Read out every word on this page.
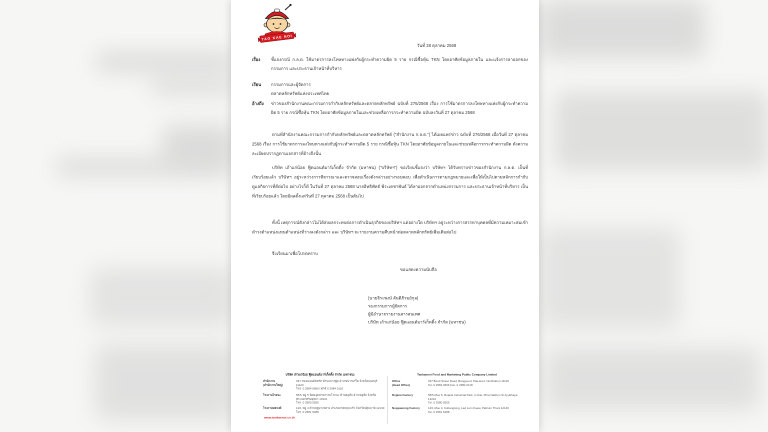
TAO KAE NOI
วันที่ 28 ตุลาคม 2568
เรื่อง	ชี้แจงกรณี ก.ล.ต. ใช้มาตรการลงโทษทางแพ่งกับผู้กระทำความผิด 5 ราย กรณีซื้อหุ้น TKN โดยอาศัยข้อมูลภายใน และแจ้งการลาออกของกรรมการ และประธานเจ้าหน้าที่บริหาร
เรียน	กรรมการและผู้จัดการ
ตลาดหลักทรัพย์แห่งประเทศไทย
อ้างถึง ข่าวของสำนักงานคณะกรรมการกำกับหลักทรัพย์และตลาดหลักทรัพย์ ฉบับที่ 276/2568 เรื่อง การใช้มาตรการลงโทษทางแพ่งกับผู้กระทำความผิด 5 ราย กรณีซื้อหุ้น TKN โดยอาศัยข้อมูลภายในและช่วยเหลือการกระทำความผิด ฉบับลงวันที่ 27 ตุลาคม 2568
ตามที่สำนักงานคณะกรรมการกำกับหลักทรัพย์และตลาดหลักทรัพย์ ("สำนักงาน ก.ล.ต.") ได้เผยแพร่ข่าว ฉบับที่ 276/2568 เมื่อวันที่ 27 ตุลาคม 2568 เรื่อง การใช้มาตรการลงโทษทางแพ่งกับผู้กระทำความผิด 5 ราย กรณีซื้อหุ้น TKN โดยอาศัยข้อมูลภายในและช่วยเหลือการกระทำความผิด ดังความละเอียดปรากฏตามเอกสารที่อ้างถึงนั้น
บริษัท เถ้าแก่น้อย ฟู๊ดแอนด์มาร์เก็ตติ้ง จำกัด (มหาชน) ("บริษัทฯ") ขอเรียนชี้แจงว่า บริษัทฯ ได้รับทราบข่าวของสำนักงาน ก.ล.ต. เป็นที่เรียบร้อยแล้ว บริษัทฯ อยู่ระหว่างการพิจารณาและตรวจสอบเรื่องดังกล่าวอย่างรอบคอบ เพื่อดำเนินการตามกฎหมายและเพื่อให้เป็นไปตามหลักการกำกับดูแลกิจการที่ดีต่อไป อย่างไรก็ดี ในวันที่ 27 ตุลาคม 2568 นายอิทธิพัทธ์ พีระเดชาพันธ์ ได้ลาออกจากตำแหน่งกรรมการ และประธานเจ้าหน้าที่บริหาร เป็นที่เรียบร้อยแล้ว โดยมีผลตั้งแต่วันที่ 27 ตุลาคม 2568 เป็นต้นไป
ทั้งนี้ เหตุการณ์ดังกล่าวไม่ได้ส่งผลกระทบต่อการดำเนินธุรกิจของบริษัทฯ แต่อย่างใด บริษัทฯ อยู่ระหว่างการสรรหาบุคคลที่มีความเหมาะสมเข้าดำรงตำแหน่งแทนตำแหน่งที่ว่างลงดังกล่าว และ บริษัทฯ จะรายงานความคืบหน้าต่อตลาดหลักทรัพย์เพิ่มเติมต่อไป
จึงเรียนมาเพื่อโปรดทราบ
ขอแสดงความนับถือ
(นายจิระพงษ์ สันติภิรมย์กุล)
รองกรรมการผู้จัดการ
ผู้มีอำนาจรายงานสารสนเทศ
บริษัท เถ้าแก่น้อย ฟู๊ดแอนด์มาร์เก็ตติ้ง จำกัด (มหาชน)
บริษัท เถ้าแก่น้อย ฟู๊ดแอนด์มาร์เก็ตติ้ง จำกัด (มหาชน)
สำนักงาน
(สำนักงานใหญ่)
337 ถนนบอนด์สตรีท ตำบลบางพูด อำเภอปากเกร็ด จังหวัดนนทบุรี 11120
โทร. 0 2984 0666 เฟกซ์ 0 2984 0118
โรงงานโรจนะ	55/5 หมู่ 5 นิคมอุตสาหกรรมโรจนะ ตำบลอุทัย อำเภออุทัย จังหวัดพระนครศรีอยุธยา 13210
โทร. 0 3580 0555
โรงงานนพวงศ์	12/1 หมู่ 4 ตำบลคูบางหลวง อำเภอลาดหลุมแก้ว จังหวัดปทุมธานี 12140
โทร. 0 2581 6488
Taokaenoi Food and Marketing Public Company Limited
Office
(Head Office)
337 Bond Street Road, Bangpood, Pak-kred, Nonthaburi 11120
Tel. 0 2984 0666 Fax. 0 2984 0118
Rojana Factory	55/5 Moo 5, Rojana Industrial Park, U-thai, Phra Nakhon Si Ayutthaya 13210
Tel. 0 3580 0555
Noppawong Factory	12/1 Moo 4, Kubanglung, Lad Lum Kaew, Pathum Thani 12140
Tel. 0 2581 6488
www.taokaenoi.co.th
